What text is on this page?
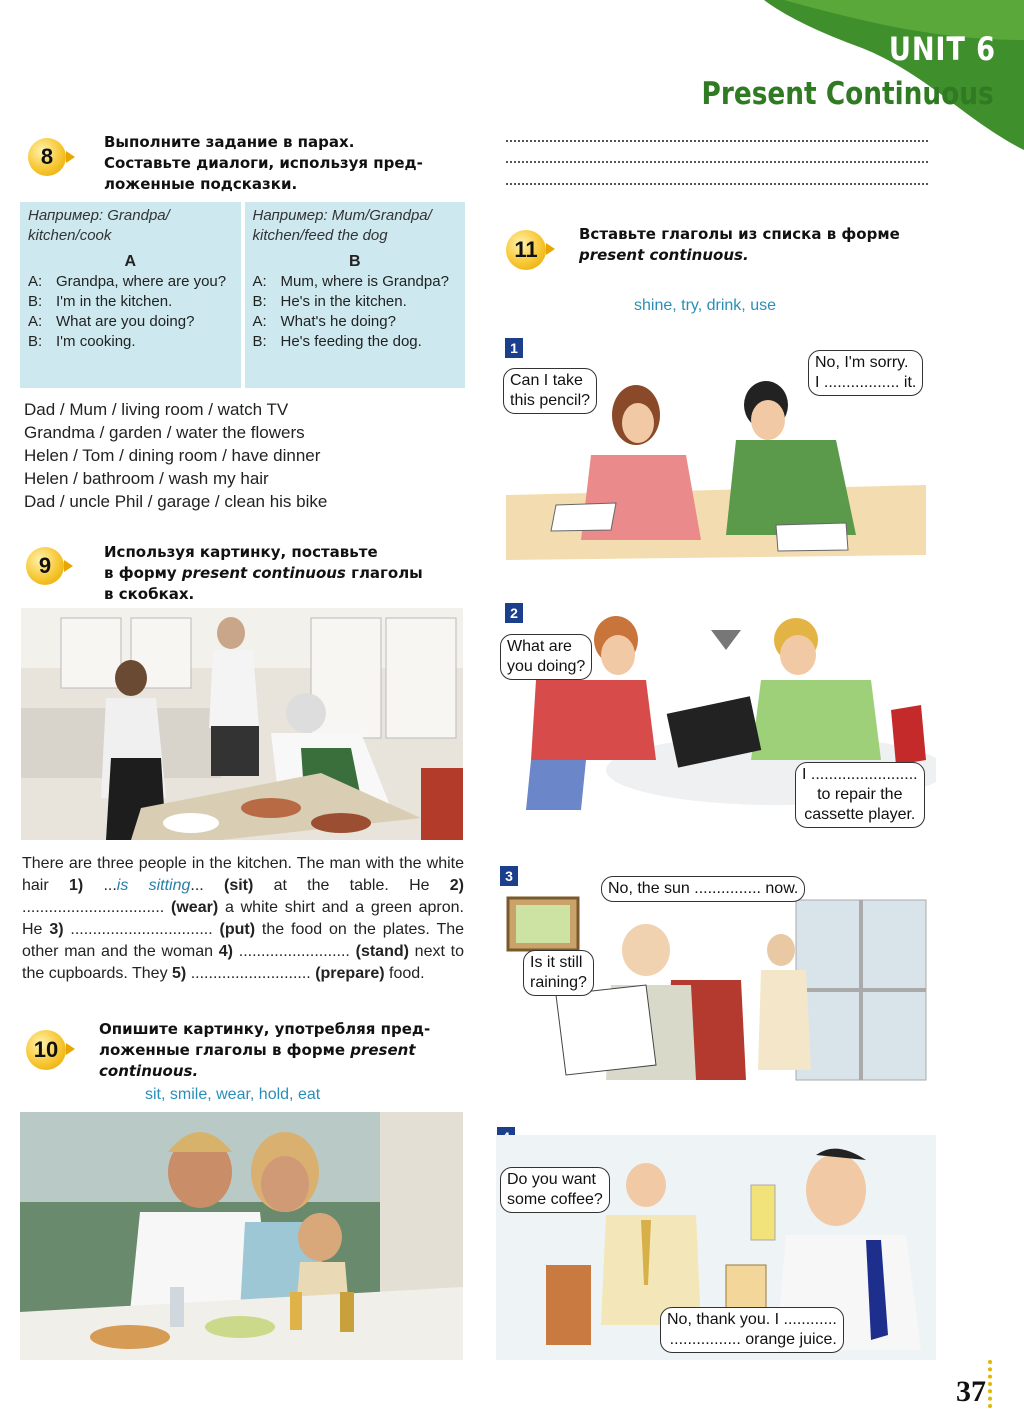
UNIT 6
Present Continuous
8
Выполните задание в парах.
Составьте диалоги, используя пред-
ложенные подсказки.
Например: Grandpa/
kitchen/cook
A
A: Grandpa, where are you?
B: I'm in the kitchen.
A: What are you doing?
B: I'm cooking.
Например: Mum/Grandpa/
kitchen/feed the dog
B
A: Mum, where is Grandpa?
B: He's in the kitchen.
A: What's he doing?
B: He's feeding the dog.
Dad / Mum / living room / watch TV
Grandma / garden / water the flowers
Helen / Tom / dining room / have dinner
Helen / bathroom / wash my hair
Dad / uncle Phil / garage / clean his bike
9
Используя картинку, поставьте
в форму present continuous глаголы
в скобках.
There are three people in the kitchen. The man with the white hair 1) ...is sitting... (sit) at the table. He 2) ................................ (wear) a white shirt and a green apron. He 3) ................................ (put) the food on the plates. The other man and the woman 4) ......................... (stand) next to the cupboards. They 5) ........................... (prepare) food.
10
Опишите картинку, употребляя пред-
ложенные глаголы в форме present
continuous.
sit, smile, wear, hold, eat
11
Вставьте глаголы из списка в форме
present continuous.
shine, try, drink, use
1
Can I take
this pencil?
No, I'm sorry.
I ................. it.
2
What are
you doing?
I ........................
to repair the
cassette player.
3
No, the sun ............... now.
Is it still
raining?
Do you want
some coffee?
No, thank you. I ............
................ orange juice.
37
